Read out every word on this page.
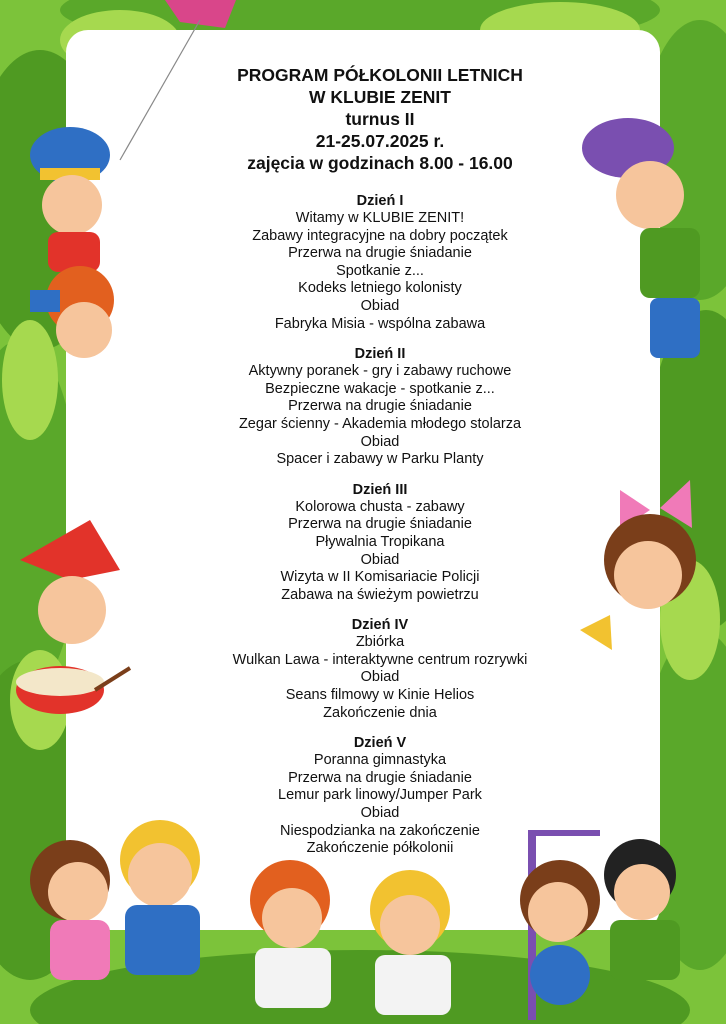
PROGRAM PÓŁKOLONII LETNICH

W KLUBIE ZENIT

turnus II

21-25.07.2025 r.

zajęcia w godzinach 8.00 - 16.00

Dzień I

Witamy w KLUBIE ZENIT!

Zabawy integracyjne na dobry początek

Przerwa na drugie śniadanie

Spotkanie z...

Kodeks letniego kolonisty

Obiad

Fabryka Misia - wspólna zabawa

Dzień II

Aktywny poranek - gry i zabawy ruchowe

Bezpieczne wakacje - spotkanie z...

Przerwa na drugie śniadanie

Zegar ścienny - Akademia młodego stolarza

Obiad

Spacer i zabawy w Parku Planty

Dzień III

Kolorowa chusta - zabawy

Przerwa na drugie śniadanie

Pływalnia Tropikana

Obiad

Wizyta w II Komisariacie Policji

Zabawa na świeżym powietrzu

Dzień IV

Zbiórka

Wulkan Lawa - interaktywne centrum rozrywki

Obiad

Seans filmowy w Kinie Helios

Zakończenie dnia

Dzień V

Poranna gimnastyka

Przerwa na drugie śniadanie

Lemur park linowy/Jumper Park

Obiad

Niespodzianka na zakończenie

Zakończenie półkolonii
